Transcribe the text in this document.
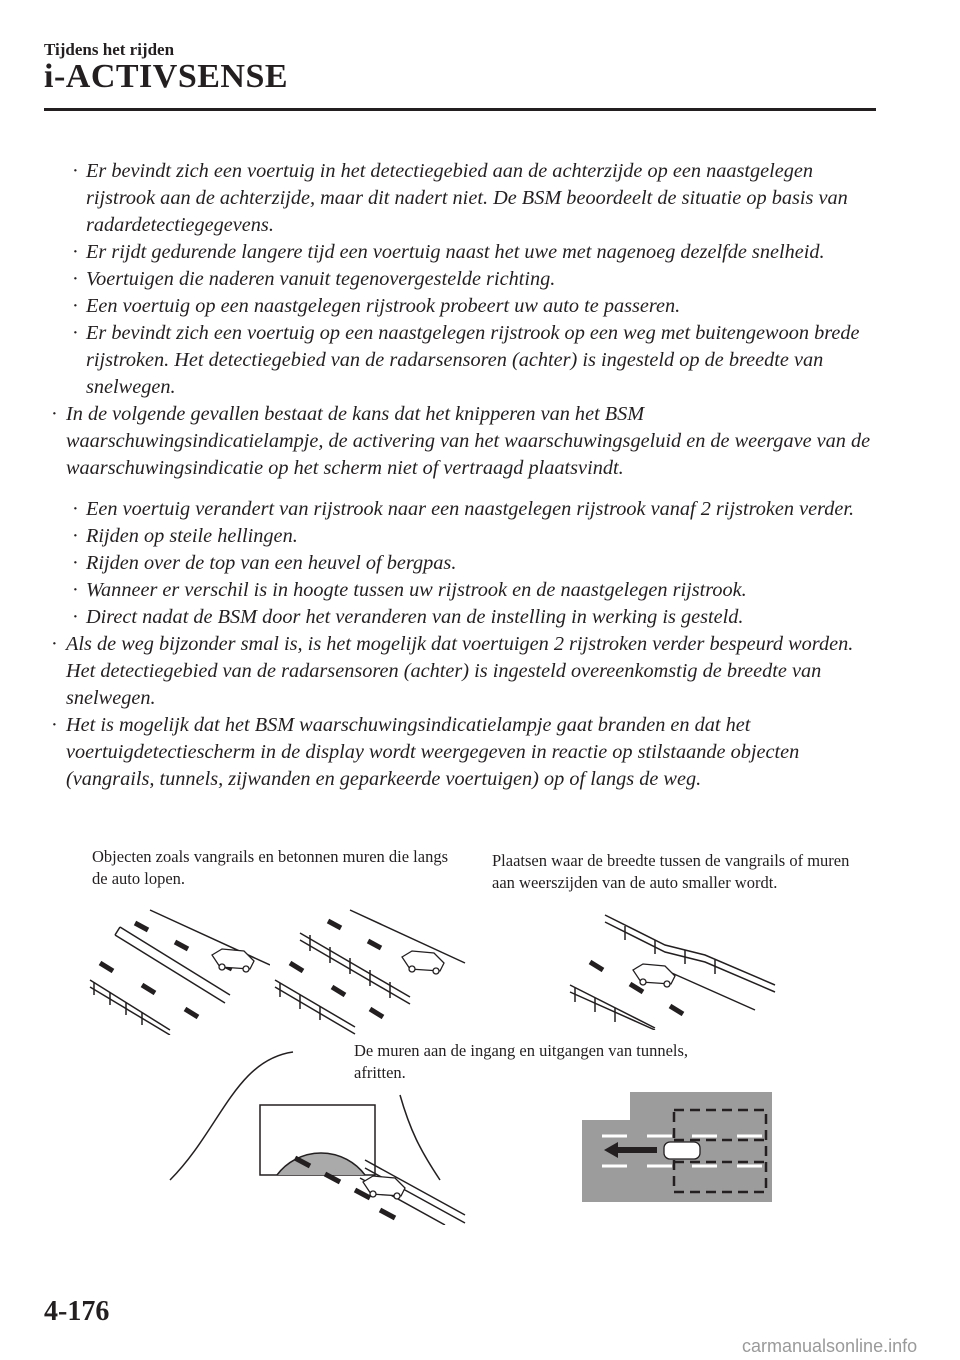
Tijdens het rijden
i-ACTIVSENSE
· Er bevindt zich een voertuig in het detectiegebied aan de achterzijde op een naastgelegen rijstrook aan de achterzijde, maar dit nadert niet. De BSM beoordeelt de situatie op basis van radardetectiegegevens.
· Er rijdt gedurende langere tijd een voertuig naast het uwe met nagenoeg dezelfde snelheid.
· Voertuigen die naderen vanuit tegenovergestelde richting.
· Een voertuig op een naastgelegen rijstrook probeert uw auto te passeren.
· Er bevindt zich een voertuig op een naastgelegen rijstrook op een weg met buitengewoon brede rijstroken. Het detectiegebied van de radarsensoren (achter) is ingesteld op de breedte van snelwegen.
· In de volgende gevallen bestaat de kans dat het knipperen van het BSM waarschuwingsindicatielampje, de activering van het waarschuwingsgeluid en de weergave van de waarschuwingsindicatie op het scherm niet of vertraagd plaatsvindt.
· Een voertuig verandert van rijstrook naar een naastgelegen rijstrook vanaf 2 rijstroken verder.
· Rijden op steile hellingen.
· Rijden over de top van een heuvel of bergpas.
· Wanneer er verschil is in hoogte tussen uw rijstrook en de naastgelegen rijstrook.
· Direct nadat de BSM door het veranderen van de instelling in werking is gesteld.
· Als de weg bijzonder smal is, is het mogelijk dat voertuigen 2 rijstroken verder bespeurd worden. Het detectiegebied van de radarsensoren (achter) is ingesteld overeenkomstig de breedte van snelwegen.
· Het is mogelijk dat het BSM waarschuwingsindicatielampje gaat branden en dat het voertuigdetectiescherm in de display wordt weergegeven in reactie op stilstaande objecten (vangrails, tunnels, zijwanden en geparkeerde voertuigen) op of langs de weg.
Objecten zoals vangrails en betonnen muren die langs de auto lopen.
Plaatsen waar de breedte tussen de vangrails of muren aan weerszijden van de auto smaller wordt.
De muren aan de ingang en uitgangen van tunnels, afritten.
4-176
carmanualsonline.info
